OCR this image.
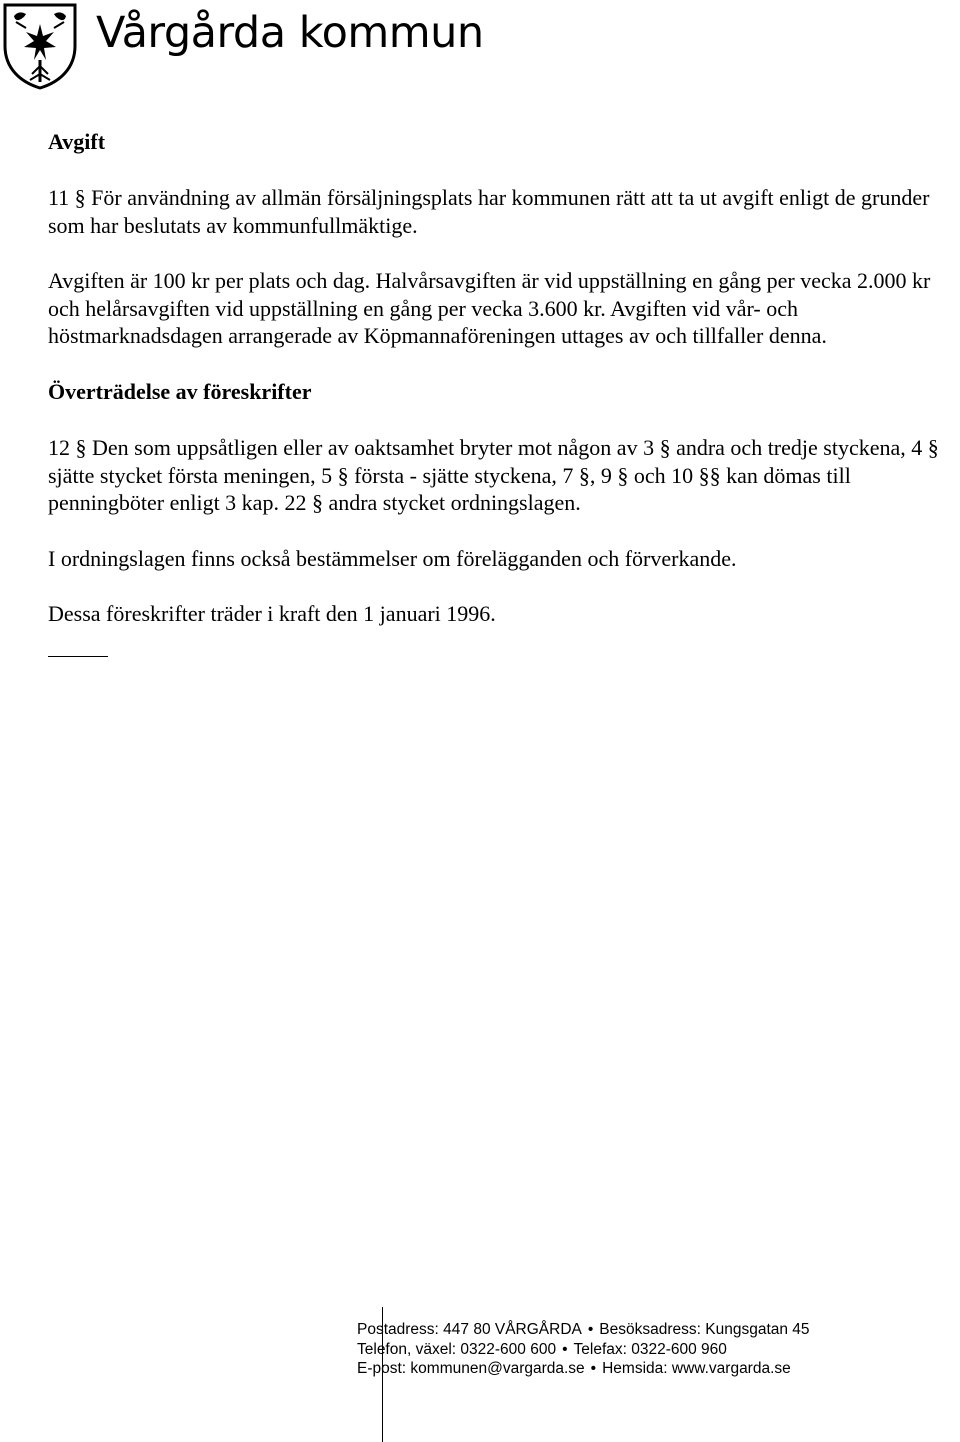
Vårgårda kommun
Avgift

11 § För användning av allmän försäljningsplats har kommunen rätt att ta ut avgift enligt de grunder som har beslutats av kommunfullmäktige.

Avgiften är 100 kr per plats och dag. Halvårsavgiften är vid uppställning en gång per vecka 2.000 kr och helårsavgiften vid uppställning en gång per vecka 3.600 kr. Avgiften vid vår- och höstmarknadsdagen arrangerade av Köpmannaföreningen uttages av och tillfaller denna.

Överträdelse av föreskrifter

12 § Den som uppsåtligen eller av oaktsamhet bryter mot någon av 3 § andra och tredje styckena, 4 § sjätte stycket första meningen, 5 § första - sjätte styckena, 7 §, 9 § och 10 §§ kan dömas till penningböter enligt 3 kap. 22 § andra stycket ordningslagen.

I ordningslagen finns också bestämmelser om förelägganden och förverkande.

Dessa föreskrifter träder i kraft den 1 januari 1996.

Postadress: 447 80 VÅRGÅRDA • Besöksadress: Kungsgatan 45
Telefon, växel: 0322-600 600 • Telefax: 0322-600 960
E-post: kommunen@vargarda.se • Hemsida: www.vargarda.se
